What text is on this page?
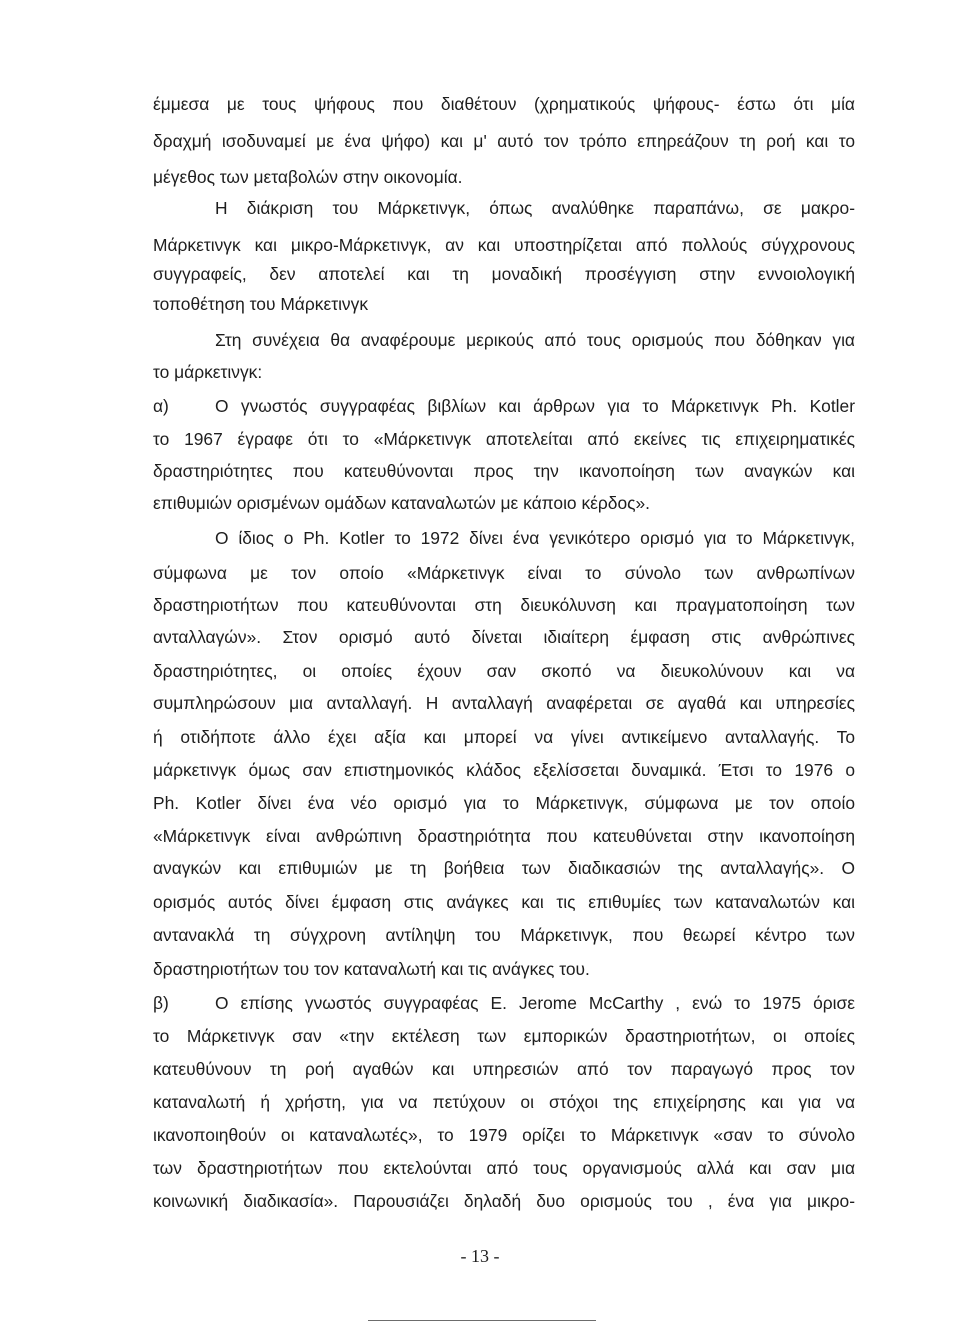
έμμεσα με τους ψήφους που διαθέτουν (χρηματικούς ψήφους- έστω ότι μία
δραχμή ισοδυναμεί με ένα ψήφο) και μ' αυτό τον τρόπο επηρεάζουν τη ροή και το
μέγεθος των μεταβολών στην οικονομία.
Η διάκριση του Μάρκετινγκ, όπως αναλύθηκε παραπάνω, σε μακρο-
Μάρκετινγκ και μικρο-Μάρκετινγκ, αν και υποστηρίζεται από πολλούς σύγχρονους
συγγραφείς, δεν αποτελεί και τη μοναδική προσέγγιση στην εννοιολογική
τοποθέτηση του Μάρκετινγκ
Στη συνέχεια θα αναφέρουμε μερικούς από τους ορισμούς που δόθηκαν για
το μάρκετινγκ:
α)	Ο γνωστός συγγραφέας βιβλίων και άρθρων για το Μάρκετινγκ Ph. Kotler
το 1967 έγραφε ότι το «Μάρκετινγκ αποτελείται από εκείνες τις επιχειρηματικές
δραστηριότητες που κατευθύνονται προς την ικανοποίηση των αναγκών και
επιθυμιών ορισμένων ομάδων καταναλωτών με κάποιο κέρδος».
Ο ίδιος ο Ph. Kotler το 1972 δίνει ένα γενικότερο ορισμό για το Μάρκετινγκ,
σύμφωνα με τον οποίο «Μάρκετινγκ είναι το σύνολο των ανθρωπίνων
δραστηριοτήτων που κατευθύνονται στη διευκόλυνση και πραγματοποίηση των
ανταλλαγών». Στον ορισμό αυτό δίνεται ιδιαίτερη έμφαση στις ανθρώπινες
δραστηριότητες, οι οποίες έχουν σαν σκοπό να διευκολύνουν και να
συμπληρώσουν μια ανταλλαγή. Η ανταλλαγή αναφέρεται σε αγαθά και υπηρεσίες
ή οτιδήποτε άλλο έχει αξία και μπορεί να γίνει αντικείμενο ανταλλαγής. Το
μάρκετινγκ όμως σαν επιστημονικός κλάδος εξελίσσεται δυναμικά. Έτσι το 1976 ο
Ph. Kotler δίνει ένα νέο ορισμό για το Μάρκετινγκ, σύμφωνα με τον οποίο
«Μάρκετινγκ είναι ανθρώπινη δραστηριότητα που κατευθύνεται στην ικανοποίηση
αναγκών και επιθυμιών με τη βοήθεια των διαδικασιών της ανταλλαγής». Ο
ορισμός αυτός δίνει έμφαση στις ανάγκες και τις επιθυμίες των καταναλωτών και
αντανακλά τη σύγχρονη αντίληψη του Μάρκετινγκ, που θεωρεί κέντρο των
δραστηριοτήτων του τον καταναλωτή και τις ανάγκες του.
β)	Ο επίσης γνωστός συγγραφέας E. Jerome McCarthy , ενώ το 1975 όρισε
το Μάρκετινγκ σαν «την εκτέλεση των εμπορικών δραστηριοτήτων, οι οποίες
κατευθύνουν τη ροή αγαθών και υπηρεσιών από τον παραγωγό προς τον
καταναλωτή ή χρήστη, για να πετύχουν οι στόχοι της επιχείρησης και για να
ικανοποιηθούν οι καταναλωτές», το 1979 ορίζει το Μάρκετινγκ «σαν το σύνολο
των δραστηριοτήτων που εκτελούνται από τους οργανισμούς αλλά και σαν μια
κοινωνική διαδικασία». Παρουσιάζει δηλαδή δυο ορισμούς του , ένα για μικρο-
- 13 -
